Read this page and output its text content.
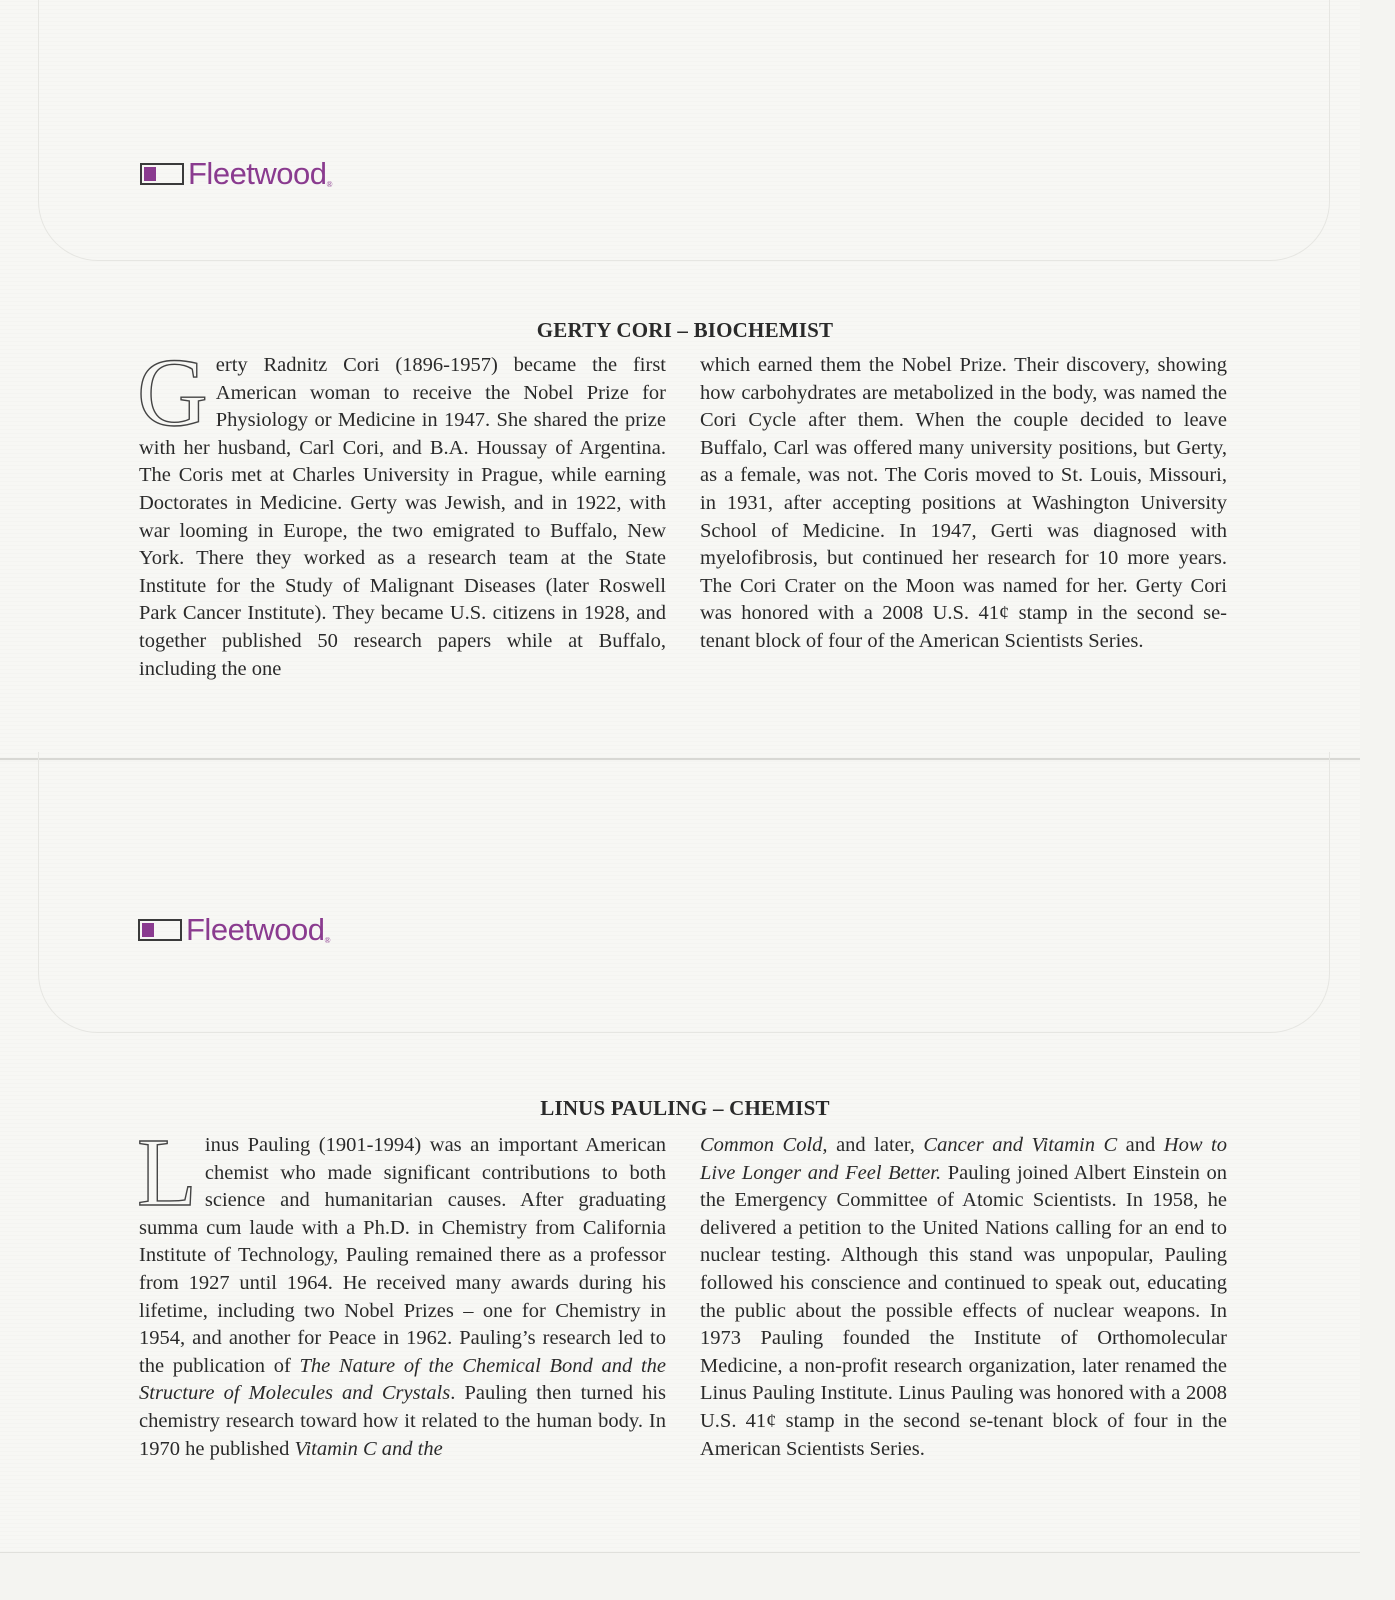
Fleetwood ®
GERTY CORI – BIOCHEMIST
Gerty Radnitz Cori (1896-1957) became the first American woman to receive the Nobel Prize for Physiology or Medicine in 1947. She shared the prize with her husband, Carl Cori, and B.A. Houssay of Argentina. The Coris met at Charles University in Prague, while earning Doctorates in Medicine. Gerty was Jewish, and in 1922, with war looming in Europe, the two emigrated to Buffalo, New York. There they worked as a research team at the State Institute for the Study of Malignant Diseases (later Roswell Park Cancer Institute). They became U.S. citizens in 1928, and together published 50 research papers while at Buffalo, including the one
which earned them the Nobel Prize. Their discovery, showing how carbohydrates are metabolized in the body, was named the Cori Cycle after them. When the couple decided to leave Buffalo, Carl was offered many university positions, but Gerty, as a female, was not. The Coris moved to St. Louis, Missouri, in 1931, after accepting positions at Washington University School of Medicine. In 1947, Gerti was diagnosed with myelofibrosis, but continued her research for 10 more years. The Cori Crater on the Moon was named for her. Gerty Cori was honored with a 2008 U.S. 41¢ stamp in the second se-tenant block of four of the American Scientists Series.
Fleetwood ®
LINUS PAULING – CHEMIST
Linus Pauling (1901-1994) was an important American chemist who made significant contributions to both science and humanitarian causes. After graduating summa cum laude with a Ph.D. in Chemistry from California Institute of Technology, Pauling remained there as a professor from 1927 until 1964. He received many awards during his lifetime, including two Nobel Prizes – one for Chemistry in 1954, and another for Peace in 1962. Pauling’s research led to the publication of The Nature of the Chemical Bond and the Structure of Molecules and Crystals. Pauling then turned his chemistry research toward how it related to the human body. In 1970 he published Vitamin C and the
Common Cold, and later, Cancer and Vitamin C and How to Live Longer and Feel Better. Pauling joined Albert Einstein on the Emergency Committee of Atomic Scientists. In 1958, he delivered a petition to the United Nations calling for an end to nuclear testing. Although this stand was unpopular, Pauling followed his conscience and continued to speak out, educating the public about the possible effects of nuclear weapons. In 1973 Pauling founded the Institute of Orthomolecular Medicine, a non-profit research organization, later renamed the Linus Pauling Institute. Linus Pauling was honored with a 2008 U.S. 41¢ stamp in the second se-tenant block of four in the American Scientists Series.
